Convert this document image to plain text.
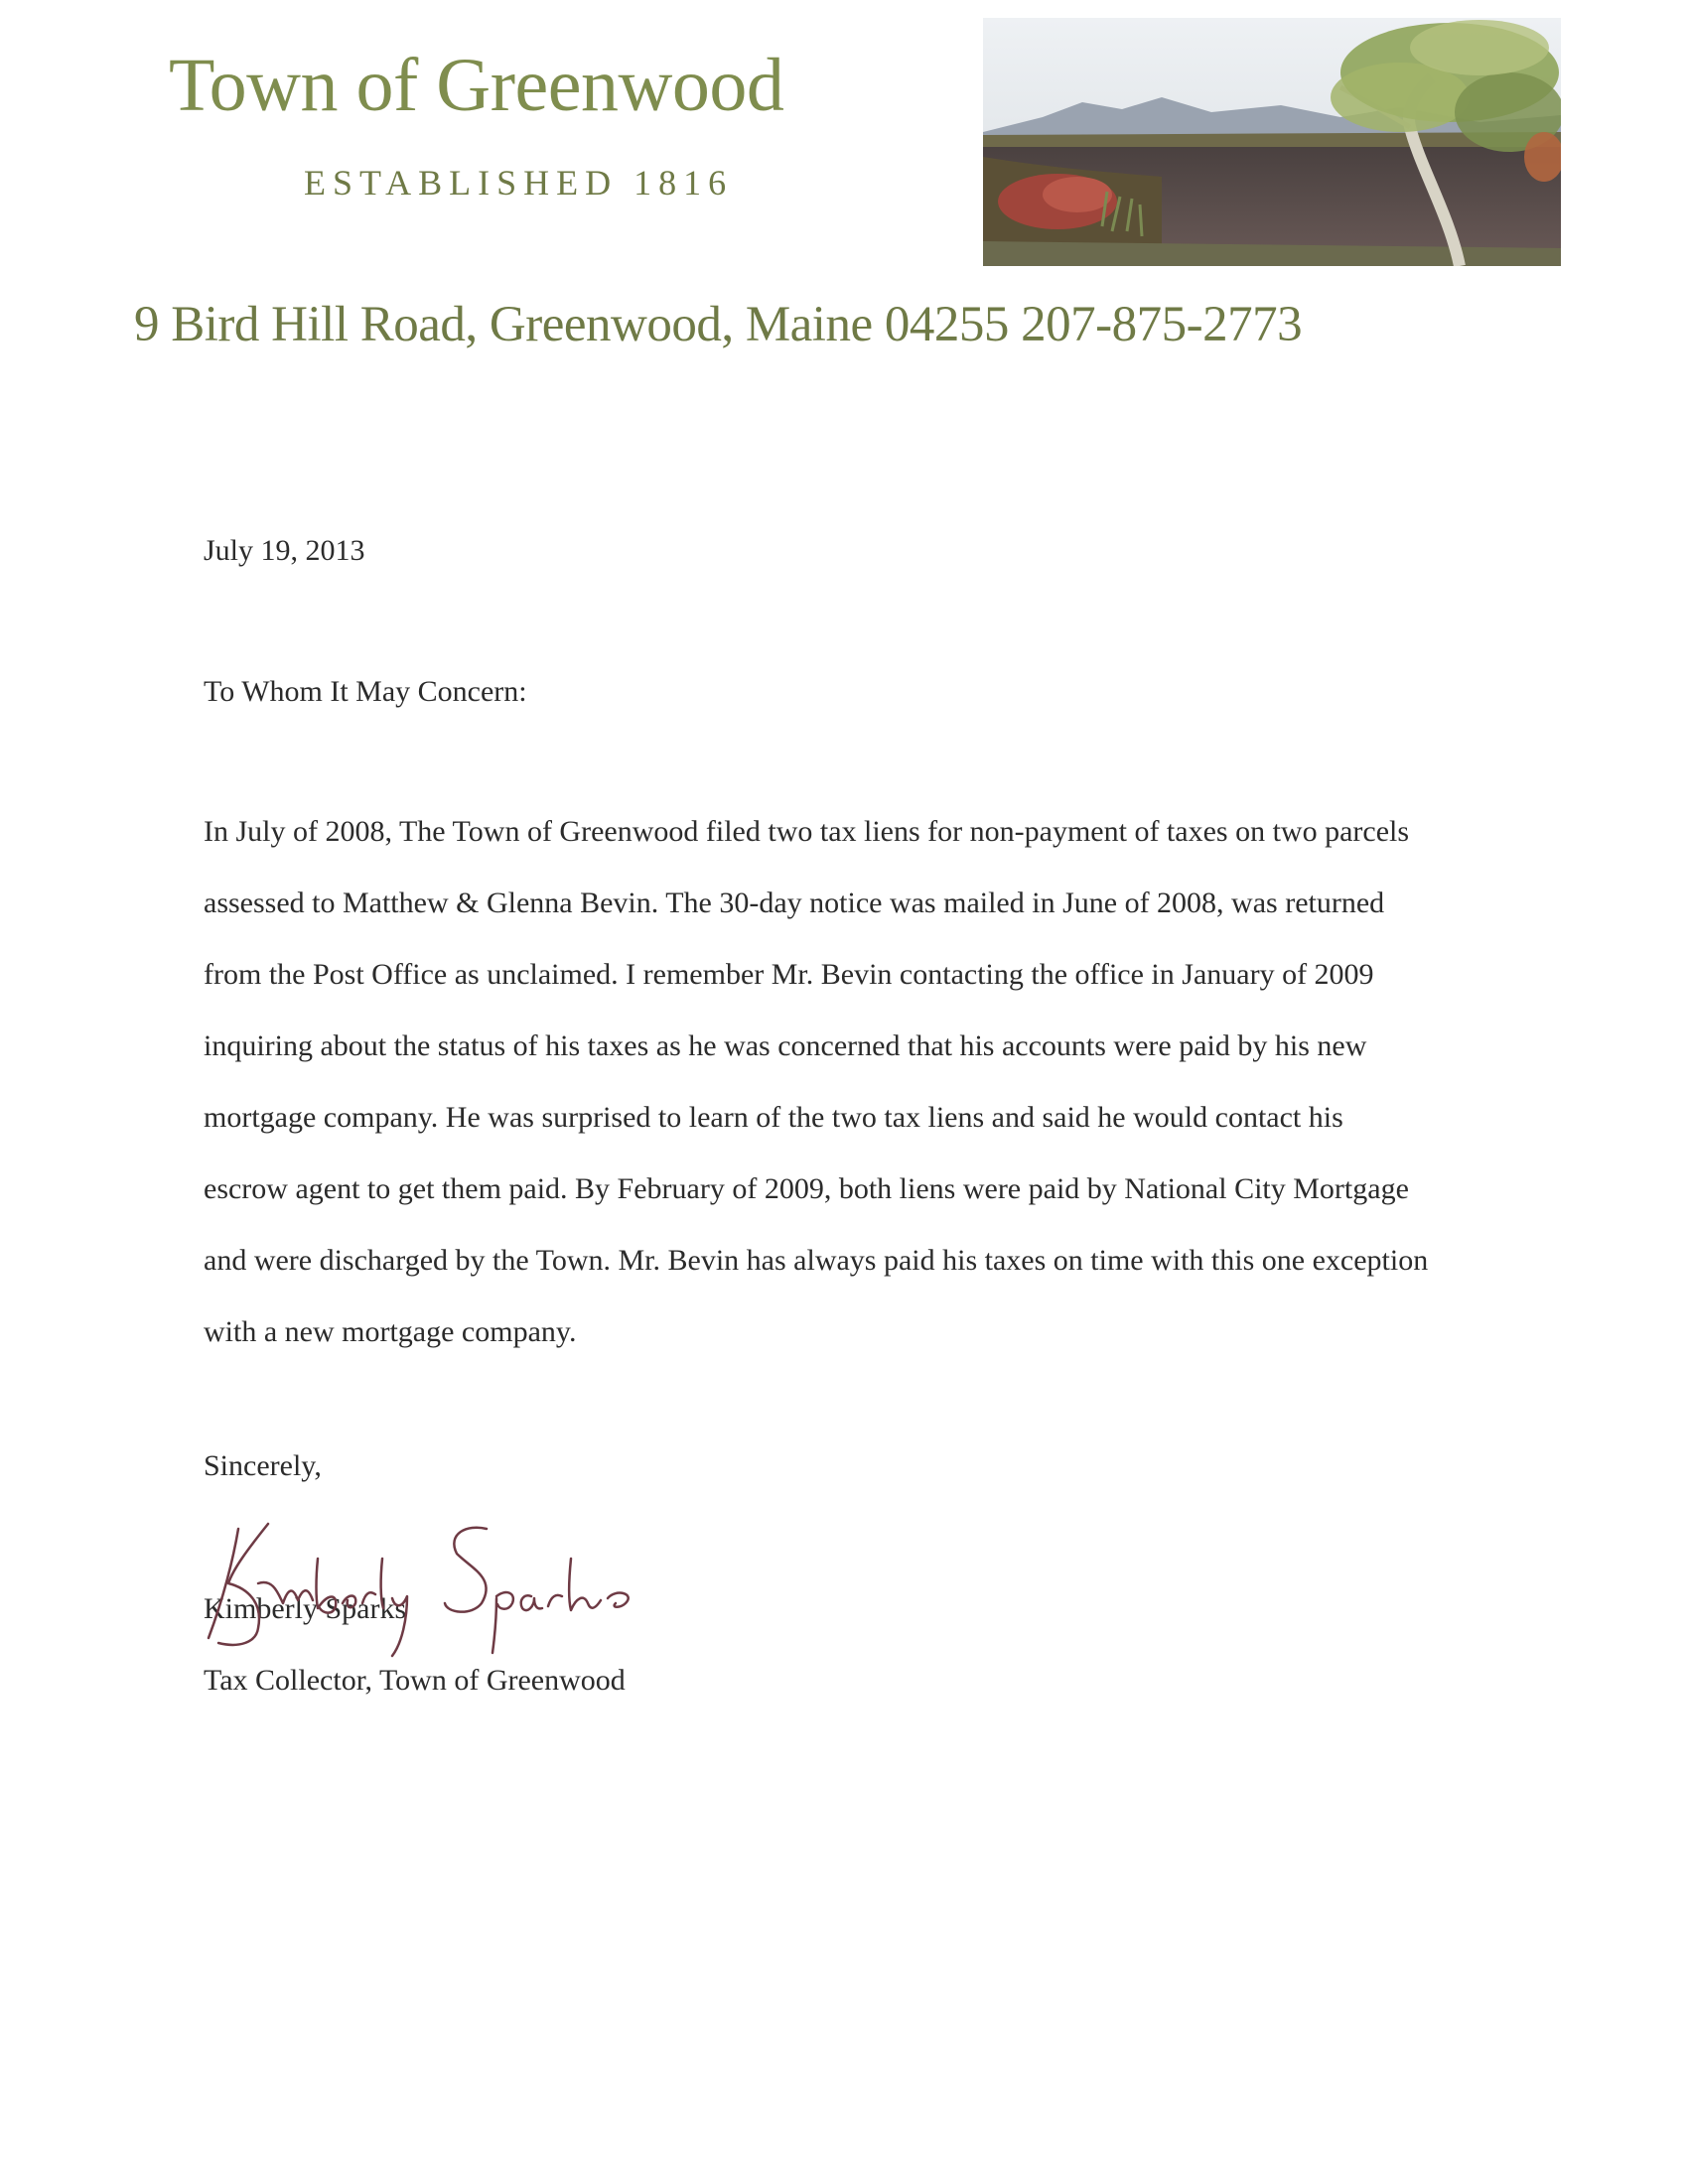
Town of Greenwood
ESTABLISHED 1816
9 Bird Hill Road, Greenwood, Maine 04255 207-875-2773
July 19, 2013
To Whom It May Concern:
In July of 2008, The Town of Greenwood filed two tax liens for non-payment of taxes on two parcels
assessed to Matthew & Glenna Bevin. The 30-day notice was mailed in June of 2008, was returned
from the Post Office as unclaimed. I remember Mr. Bevin contacting the office in January of 2009
inquiring about the status of his taxes as he was concerned that his accounts were paid by his new
mortgage company. He was surprised to learn of the two tax liens and said he would contact his
escrow agent to get them paid. By February of 2009, both liens were paid by National City Mortgage
and were discharged by the Town. Mr. Bevin has always paid his taxes on time with this one exception
with a new mortgage company.
Sincerely,
Kimberly Sparks
Tax Collector, Town of Greenwood
